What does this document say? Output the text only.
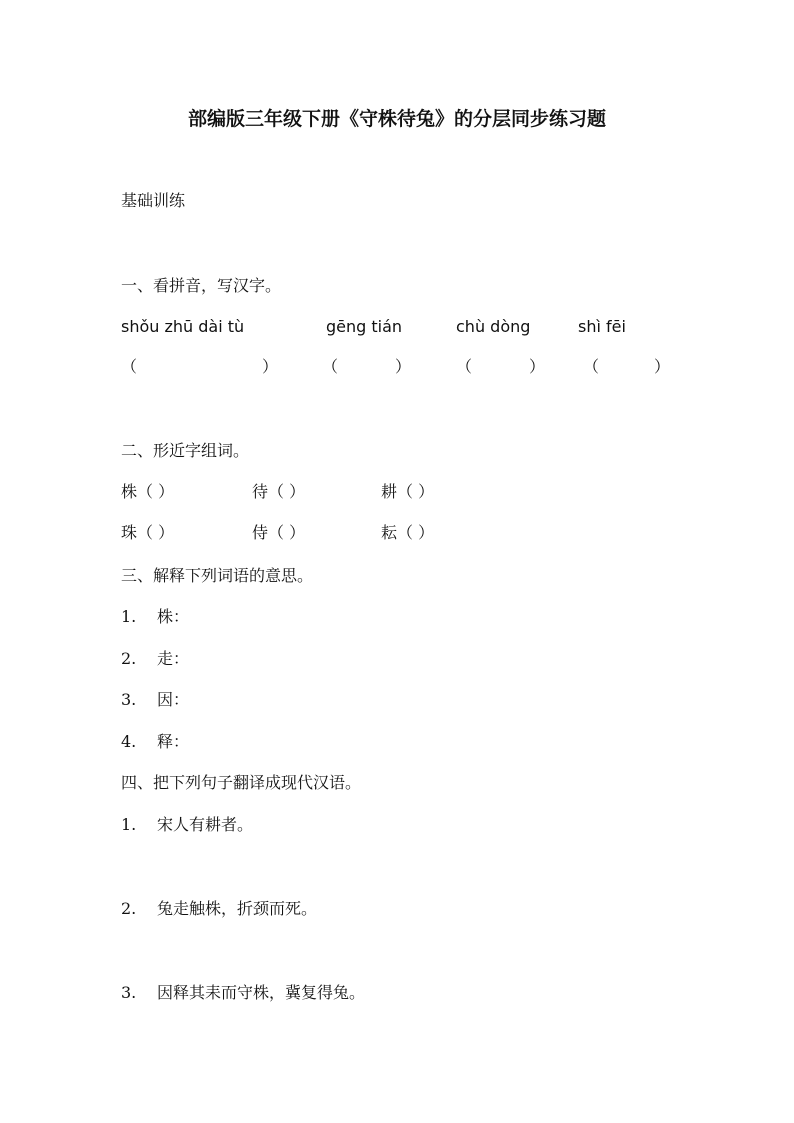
部编版三年级下册《守株待兔》的分层同步练习题
基础训练
一、看拼音，写汉字。
shǒu zhū dài tù	gēng tián	chù dòng	shì fēi
（	）	（	）	（	） （	）
二、形近字组词。
株（ ）	待（ ）	耕（ ）
珠（ ）	侍（ ）	耘（ ）
三、解释下列词语的意思。
1. 株：
2. 走：
3. 因：
4. 释：
四、把下列句子翻译成现代汉语。
1. 宋人有耕者。
2. 兔走触株，折颈而死。
3. 因释其耒而守株，冀复得兔。
